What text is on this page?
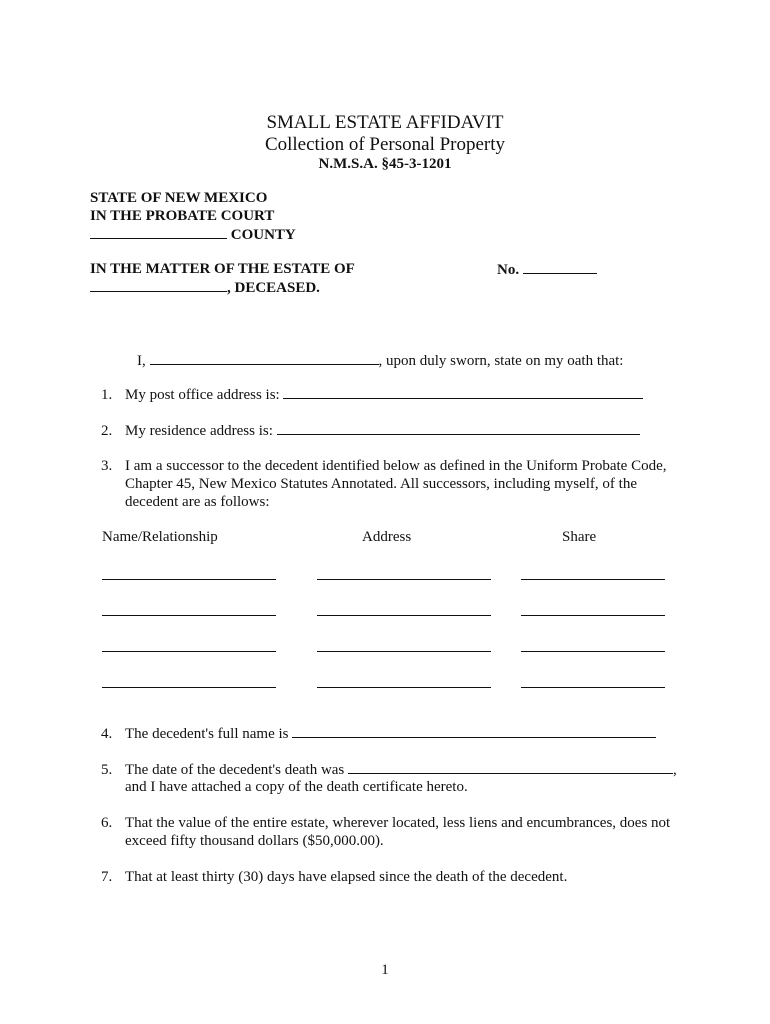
SMALL ESTATE AFFIDAVIT
Collection of Personal Property
N.M.S.A. §45-3-1201
STATE OF NEW MEXICO
IN THE PROBATE COURT
COUNTY
IN THE MATTER OF THE ESTATE OF	No.
, DECEASED.
I,	, upon duly sworn, state on my oath that:
1. My post office address is:
2. My residence address is:
3. I am a successor to the decedent identified below as defined in the Uniform Probate Code,
Chapter 45, New Mexico Statutes Annotated. All successors, including myself, of the
decedent are as follows:
Name/Relationship	Address	Share
4. The decedent's full name is
5. The date of the decedent's death was	,
and I have attached a copy of the death certificate hereto.
6. That the value of the entire estate, wherever located, less liens and encumbrances, does not
exceed fifty thousand dollars ($50,000.00).
7. That at least thirty (30) days have elapsed since the death of the decedent.
1
